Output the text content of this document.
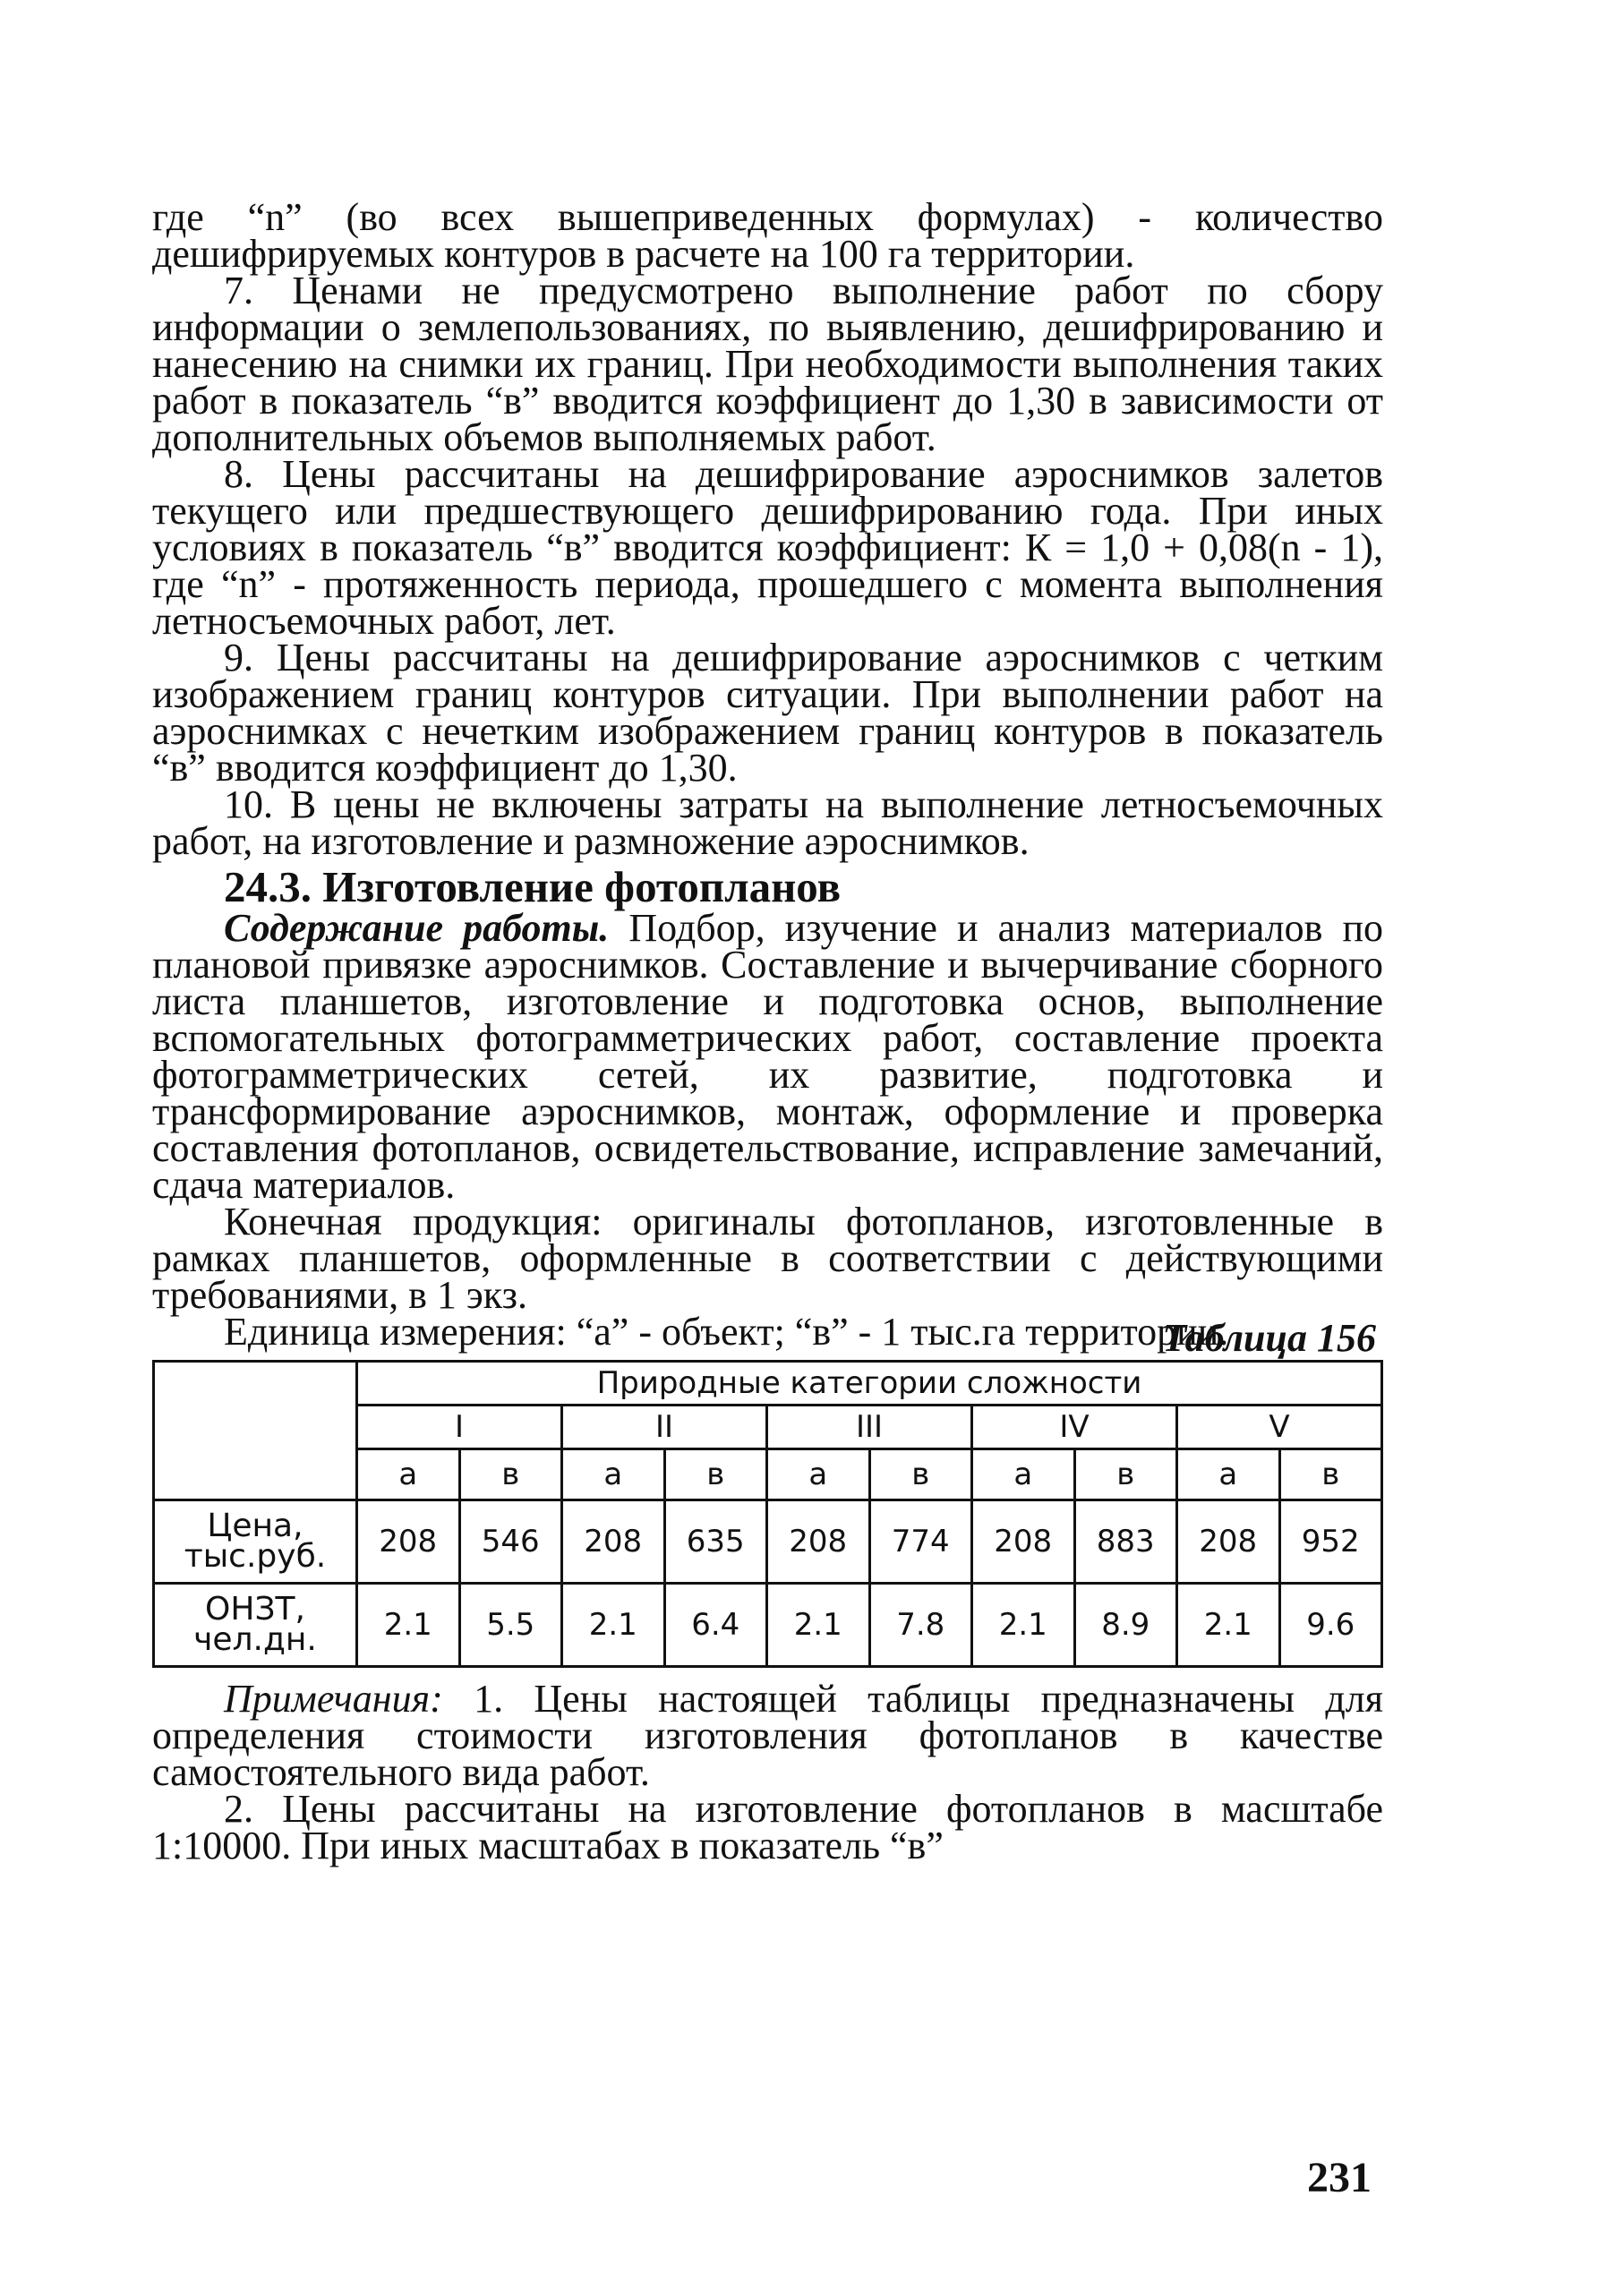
где “n” (во всех вышеприведенных формулах) - количество дешифрируемых контуров в расчете на 100 га территории.

7. Ценами не предусмотрено выполнение работ по сбору информации о землепользованиях, по выявлению, дешифрированию и нанесению на снимки их границ. При необходимости выполнения таких работ в показатель “в” вводится коэффициент до 1,30 в зависимости от дополнительных объемов выполняемых работ.

8. Цены рассчитаны на дешифрирование аэроснимков залетов текущего или предшествующего дешифрированию года. При иных условиях в показатель “в” вводится коэффициент: К = 1,0 + 0,08(n - 1), где “n” - протяженность периода, прошедшего с момента выполнения летносъемочных работ, лет.

9. Цены рассчитаны на дешифрирование аэроснимков с четким изображением границ контуров ситуации. При выполнении работ на аэроснимках с нечетким изображением границ контуров в показатель “в” вводится коэффициент до 1,30.

10. В цены не включены затраты на выполнение летносъемочных работ, на изготовление и размножение аэроснимков.

24.3. Изготовление фотопланов

Содержание работы. Подбор, изучение и анализ материалов по плановой привязке аэроснимков. Составление и вычерчивание сборного листа планшетов, изготовление и подготовка основ, выполнение вспомогательных фотограмметрических работ, составление проекта фотограмметрических сетей, их развитие, подготовка и трансформирование аэроснимков, монтаж, оформление и проверка составления фотопланов, освидетельствование, исправление замечаний, сдача материалов.

Конечная продукция: оригиналы фотопланов, изготовленные в рамках планшетов, оформленные в соответствии с действующими требованиями, в 1 экз.

Единица измерения: “а” - объект; “в” - 1 тыс.га территории.

Таблица 156
	Природные категории сложности									
	I		II		III		IV		V	
	а	в	а	в	а	в	а	в	а	в
Цена, тыс.руб.	208	546	208	635	208	774	208	883	208	952
ОНЗТ, чел.дн.	2.1	5.5	2.1	6.4	2.1	7.8	2.1	8.9	2.1	9.6

Примечания: 1. Цены настоящей таблицы предназначены для определения стоимости изготовления фотопланов в качестве самостоятельного вида работ.

2. Цены рассчитаны на изготовление фотопланов в масштабе 1:10000. При иных масштабах в показатель “в”

231
